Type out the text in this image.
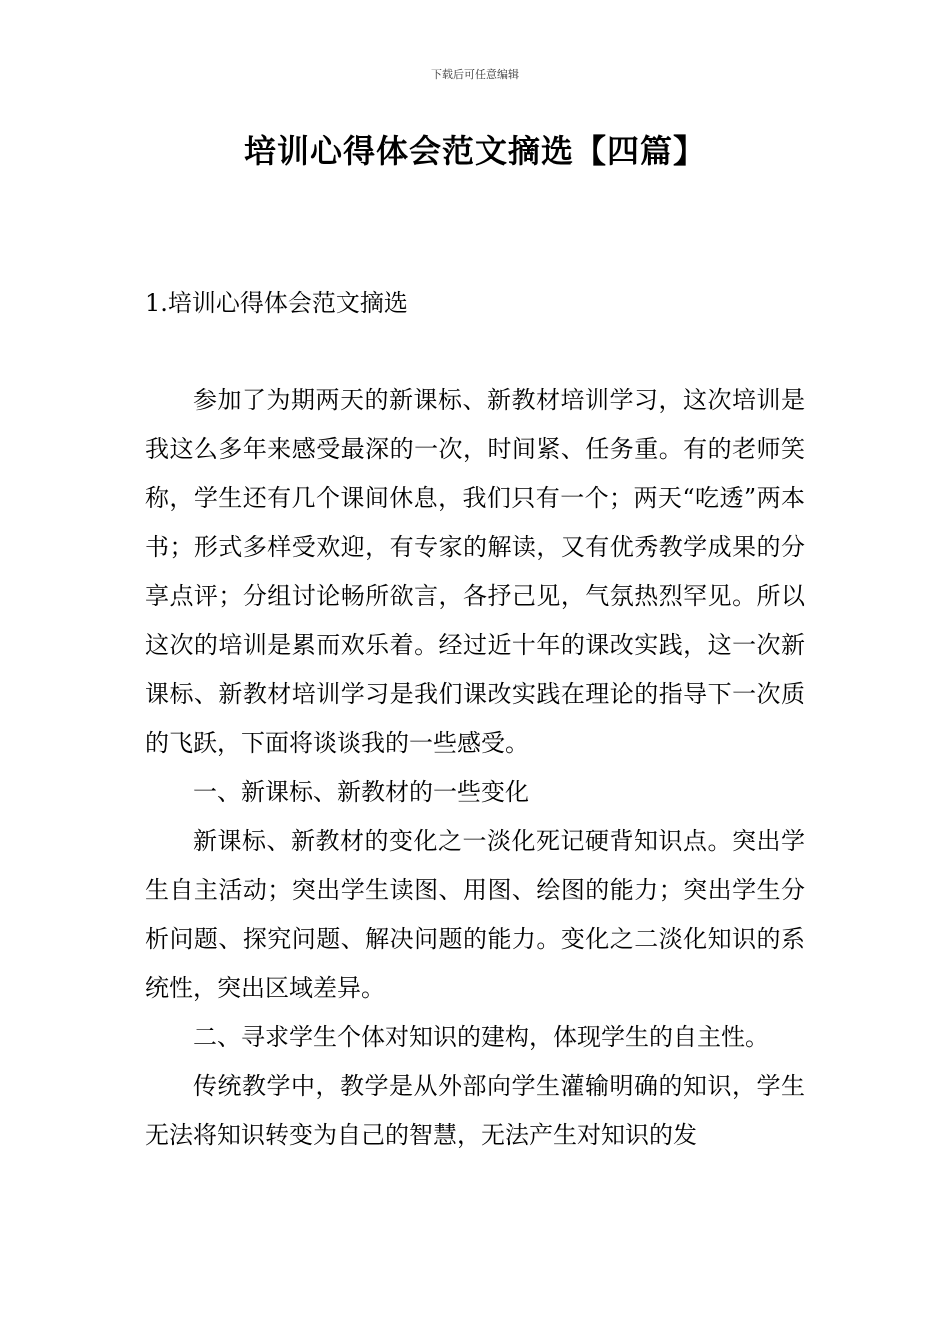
下载后可任意编辑
培训心得体会范文摘选【四篇】
1.培训心得体会范文摘选

参加了为期两天的新课标、新教材培训学习，这次培训是我这么多年来感受最深的一次，时间紧、任务重。有的老师笑称，学生还有几个课间休息，我们只有一个；两天“吃透”两本书；形式多样受欢迎，有专家的解读，又有优秀教学成果的分享点评；分组讨论畅所欲言，各抒己见，气氛热烈罕见。所以这次的培训是累而欢乐着。经过近十年的课改实践，这一次新课标、新教材培训学习是我们课改实践在理论的指导下一次质的飞跃，下面将谈谈我的一些感受。

一、新课标、新教材的一些变化

新课标、新教材的变化之一淡化死记硬背知识点。突出学生自主活动；突出学生读图、用图、绘图的能力；突出学生分析问题、探究问题、解决问题的能力。变化之二淡化知识的系统性，突出区域差异。

二、寻求学生个体对知识的建构，体现学生的自主性。

传统教学中，教学是从外部向学生灌输明确的知识，学生无法将知识转变为自己的智慧，无法产生对知识的发
